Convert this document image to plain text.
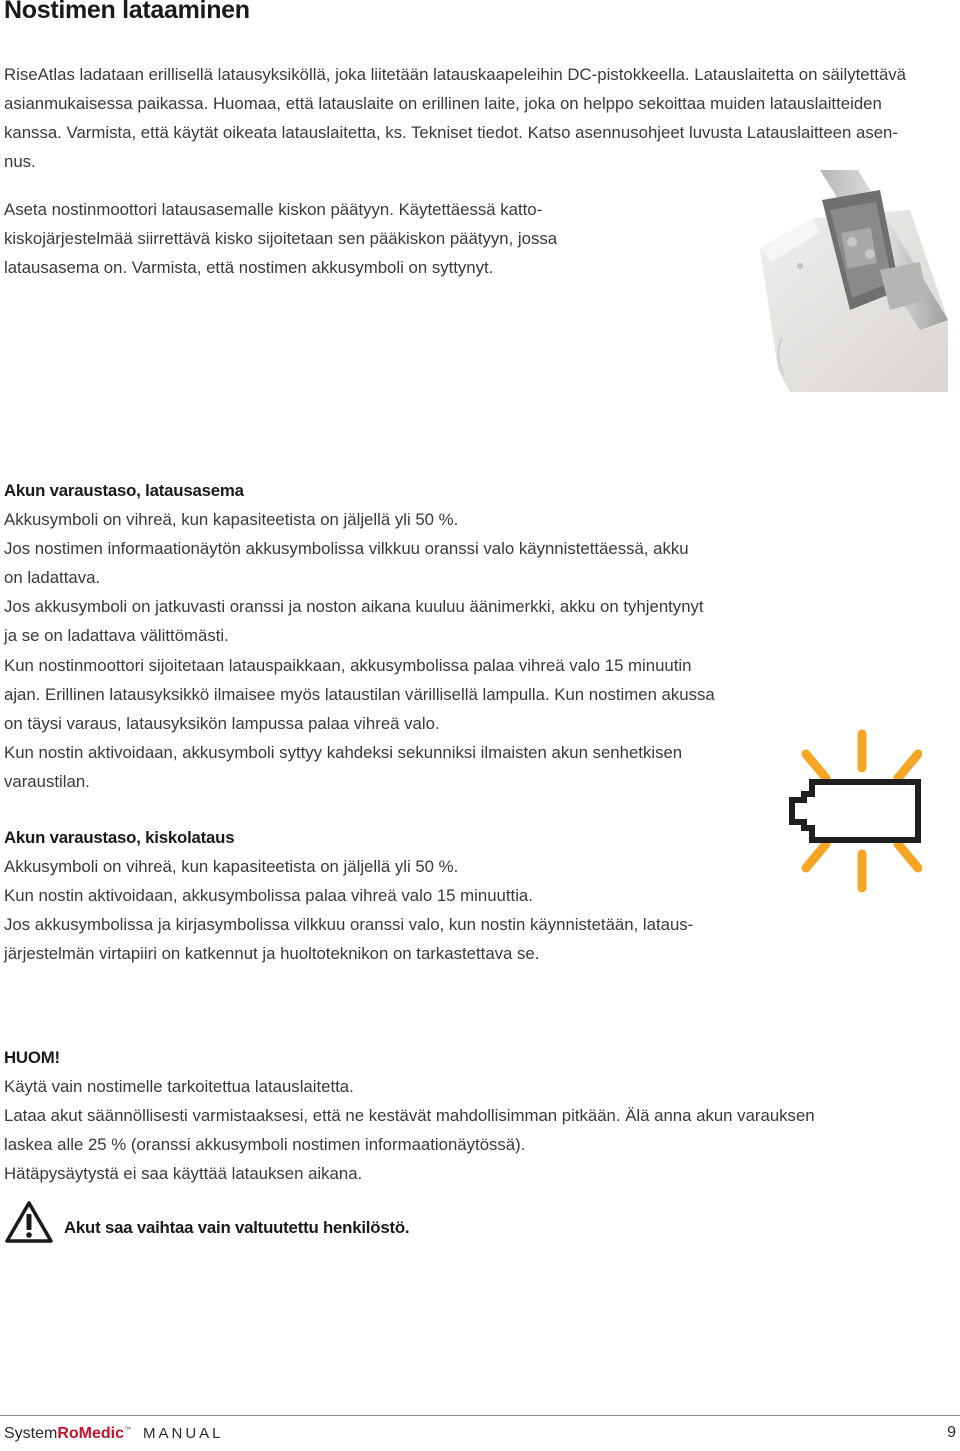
Nostimen lataaminen

RiseAtlas ladataan erillisellä latausyksiköllä, joka liitetään latauskaapeleihin DC-pistokkeella. Latauslaitetta on säilytettävä
asianmukaisessa paikassa. Huomaa, että latauslaite on erillinen laite, joka on helppo sekoittaa muiden latauslaitteiden
kanssa. Varmista, että käytät oikeata latauslaitetta, ks. Tekniset tiedot. Katso asennusohjeet luvusta Latauslaitteen asen-
nus.

Aseta nostinmoottori latausasemalle kiskon päätyyn. Käytettäessä katto-
kiskojärjestelmää siirrettävä kisko sijoitetaan sen pääkiskon päätyyn, jossa
latausasema on. Varmista, että nostimen akkusymboli on syttynyt.

Akun varaustaso, latausasema
Akkusymboli on vihreä, kun kapasiteetista on jäljellä yli 50 %.
Jos nostimen informaationäytön akkusymbolissa vilkkuu oranssi valo käynnistettäessä, akku
on ladattava.
Jos akkusymboli on jatkuvasti oranssi ja noston aikana kuuluu äänimerkki, akku on tyhjentynyt
ja se on ladattava välittömästi.
Kun nostinmoottori sijoitetaan latauspaikkaan, akkusymbolissa palaa vihreä valo 15 minuutin
ajan. Erillinen latausyksikkö ilmaisee myös lataustilan värillisellä lampulla. Kun nostimen akussa
on täysi varaus, latausyksikön lampussa palaa vihreä valo.
Kun nostin aktivoidaan, akkusymboli syttyy kahdeksi sekunniksi ilmaisten akun senhetkisen
varaustilan.

Akun varaustaso, kiskolataus
Akkusymboli on vihreä, kun kapasiteetista on jäljellä yli 50 %.
Kun nostin aktivoidaan, akkusymbolissa palaa vihreä valo 15 minuuttia.
Jos akkusymbolissa ja kirjasymbolissa vilkkuu oranssi valo, kun nostin käynnistetään, lataus-
järjestelmän virtapiiri on katkennut ja huoltoteknikon on tarkastettava se.

HUOM!
Käytä vain nostimelle tarkoitettua latauslaitetta.
Lataa akut säännöllisesti varmistaaksesi, että ne kestävät mahdollisimman pitkään. Älä anna akun varauksen
laskea alle 25 % (oranssi akkusymboli nostimen informaationäytössä).
Hätäpysäytystä ei saa käyttää latauksen aikana.

Akut saa vaihtaa vain valtuutettu henkilöstö.

SystemRoMedic™ MANUAL	9
